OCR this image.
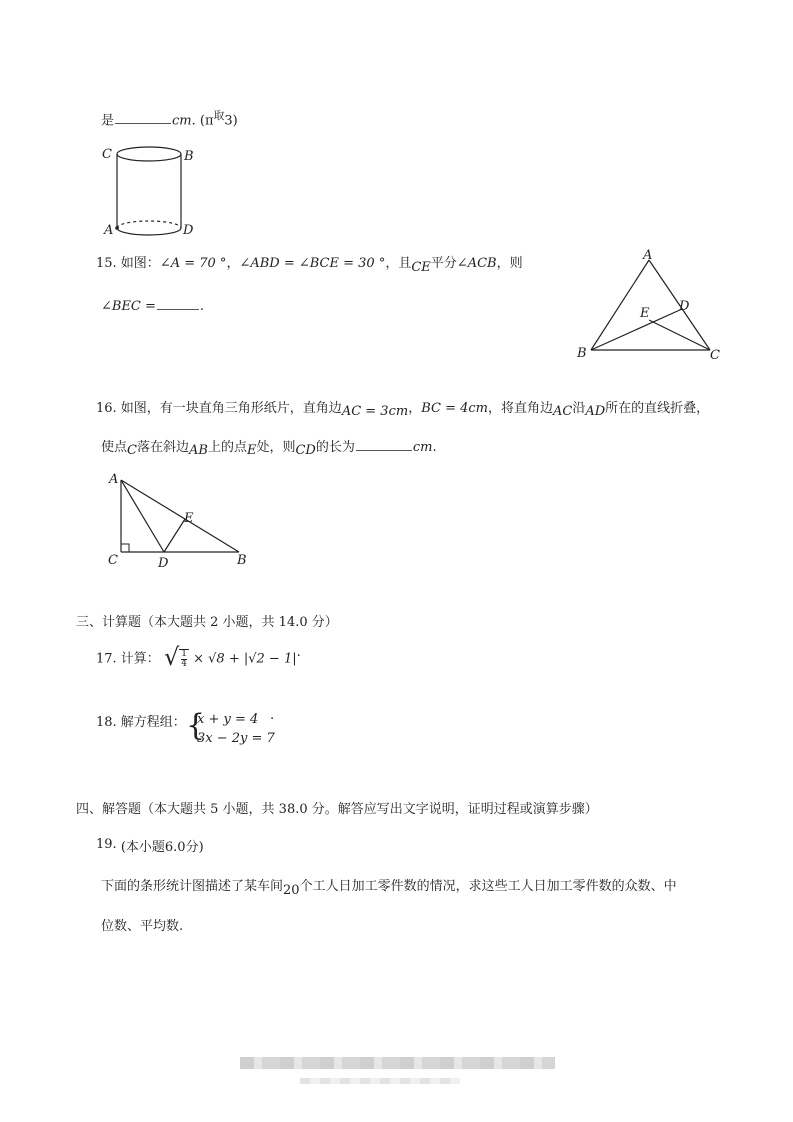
是	cm. $(\pi^取3)$
C	B
A	D
15. 如图：∠A = 70 °，∠ABD = ∠BCE = 30 °，且CE平分∠ACB，则
∠BEC =	.
A
D
E
B	C
16. 如图，有一块直角三角形纸片，直角边AC = 3cm，BC = 4cm，将直角边AC沿AD所在的直线折叠，
使点C落在斜边AB上的点E处，则CD的长为	cm.
A
E
C	D	B
三、计算题（本大题共 2 小题，共 14.0 分）
17. 计算： √ $\frac{1}{4} \times √8 + |√2 - 1|$.
18. 解方程组： {
x + y = 4
3x − 2y = 7
.
四、解答题（本大题共 5 小题，共 38.0 分。解答应写出文字说明，证明过程或演算步骤）
19. (本小题6.0分)
下面的条形统计图描述了某车间20个工人日加工零件数的情况，求这些工人日加工零件数的众数、中
位数、平均数.
